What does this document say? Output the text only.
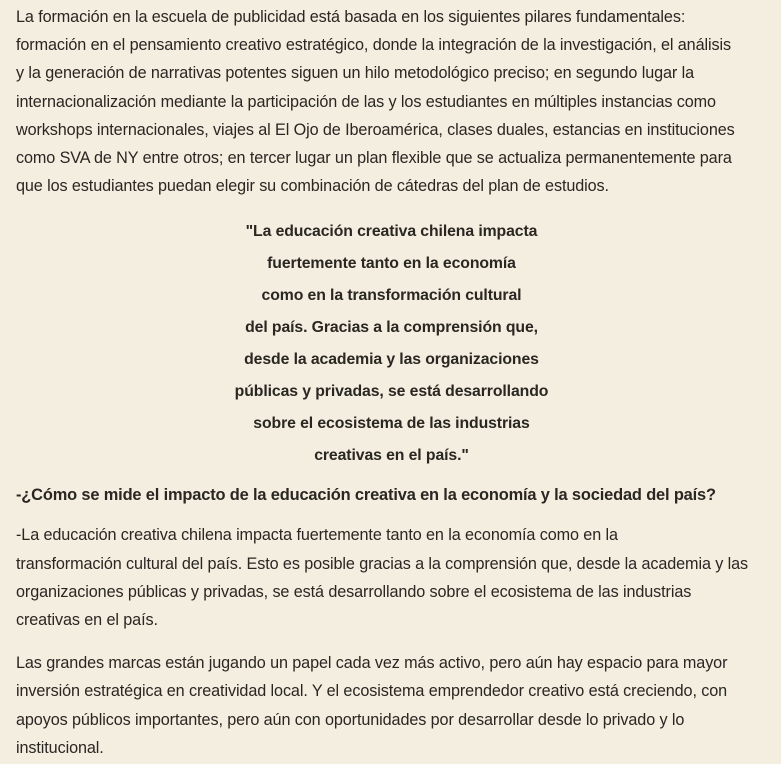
La formación en la escuela de publicidad está basada en los siguientes pilares fundamentales:
formación en el pensamiento creativo estratégico, donde la integración de la investigación, el análisis
y la generación de narrativas potentes siguen un hilo metodológico preciso; en segundo lugar la
internacionalización mediante la participación de las y los estudiantes en múltiples instancias como
workshops internacionales, viajes al El Ojo de Iberoamérica, clases duales, estancias en instituciones
como SVA de NY entre otros; en tercer lugar un plan flexible que se actualiza permanentemente para
que los estudiantes puedan elegir su combinación de cátedras del plan de estudios.

"La educación creativa chilena impacta
fuertemente tanto en la economía
como en la transformación cultural
del país. Gracias a la comprensión que,
desde la academia y las organizaciones
públicas y privadas, se está desarrollando
sobre el ecosistema de las industrias
creativas en el país."

-¿Cómo se mide el impacto de la educación creativa en la economía y la sociedad del país?

-La educación creativa chilena impacta fuertemente tanto en la economía como en la
transformación cultural del país. Esto es posible gracias a la comprensión que, desde la academia y las
organizaciones públicas y privadas, se está desarrollando sobre el ecosistema de las industrias
creativas en el país.

Las grandes marcas están jugando un papel cada vez más activo, pero aún hay espacio para mayor
inversión estratégica en creatividad local. Y el ecosistema emprendedor creativo está creciendo, con
apoyos públicos importantes, pero aún con oportunidades por desarrollar desde lo privado y lo
institucional.
